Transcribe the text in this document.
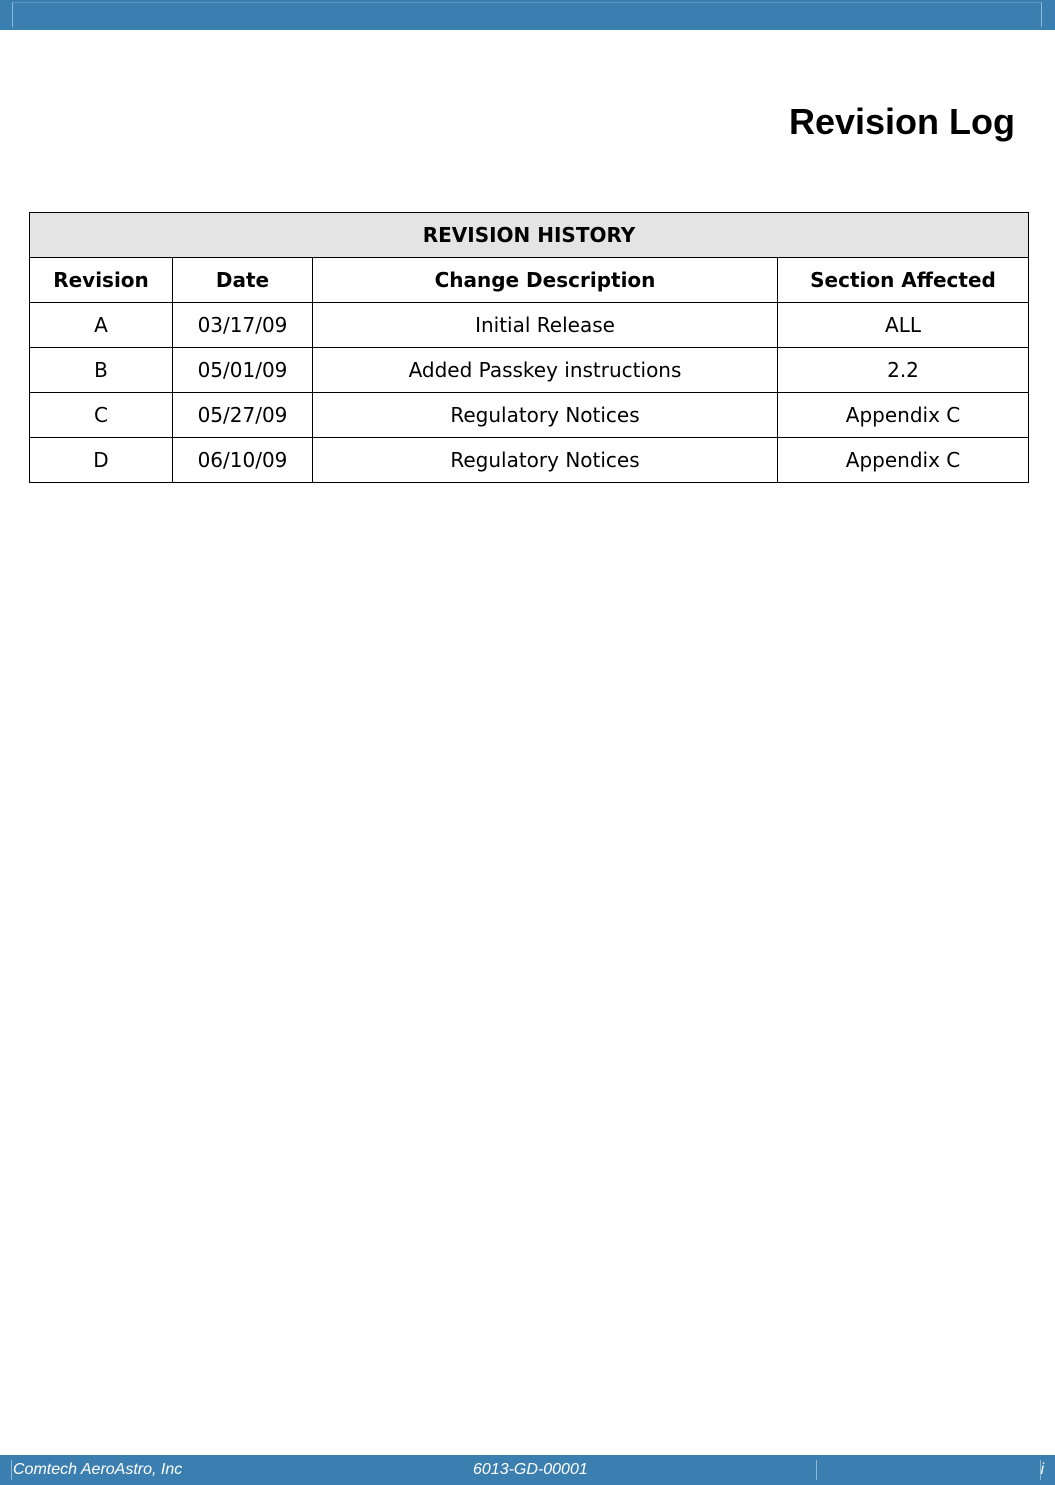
Revision Log
REVISION HISTORY			
Revision	Date	Change Description	Section Affected
A	03/17/09	Initial Release	ALL
B	05/01/09	Added Passkey instructions	2.2
C	05/27/09	Regulatory Notices	Appendix C
D	06/10/09	Regulatory Notices	Appendix C
Comtech AeroAstro, Inc	6013-GD-00001	i
